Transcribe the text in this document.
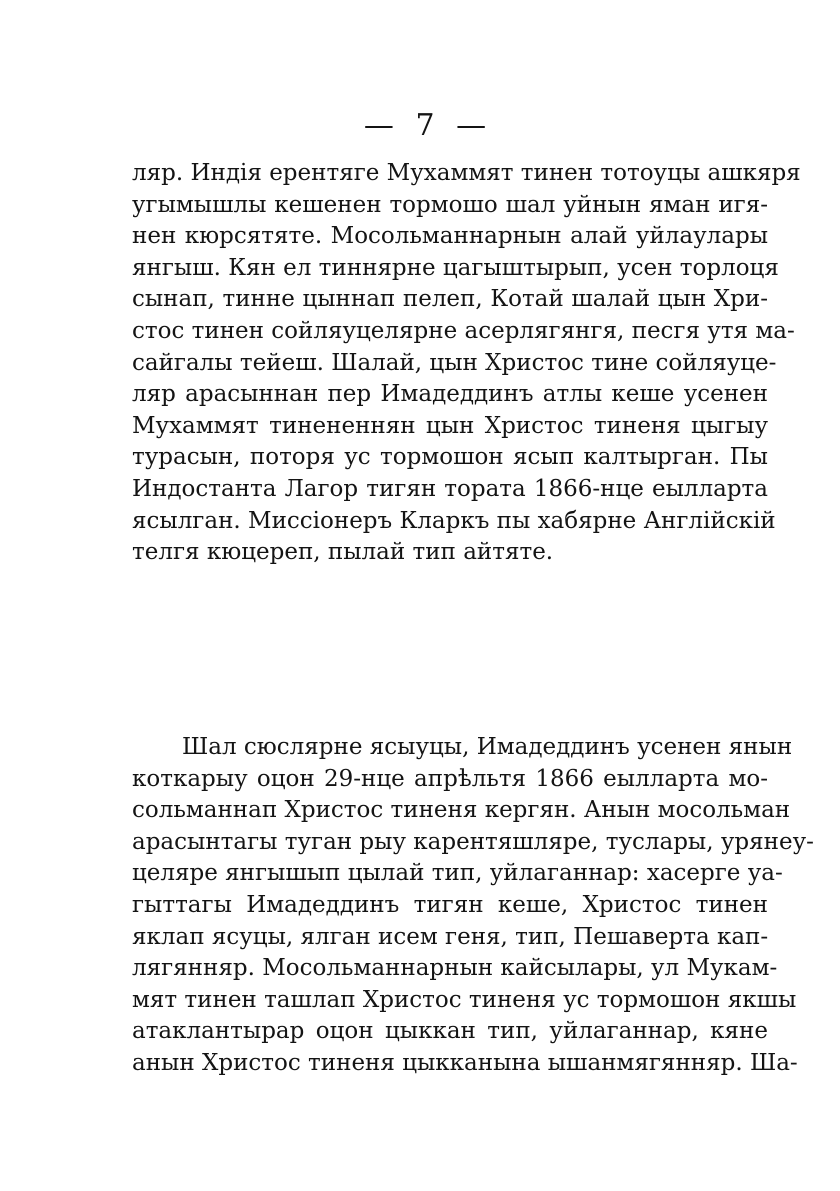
— 7 —
ляр. Индія ерентяге Мухаммят тинен тотоуцы ашкяря
угымышлы кешенен тормошо шал уйнын яман игя-
нен кюрсятяте. Мосольманнарнын алай уйлаулары
янгыш. Кян ел тиннярне цагыштырып, усен торлоця
сынап, тинне цыннап пелеп, Котай шалай цын Хри-
стос тинен сойляуцелярне асерлягянгя, песгя утя ма-
сайгалы тейеш. Шалай, цын Христос тине сойляуце-
ляр арасыннан пер Имадеддинъ атлы кеше усенен
Мухаммят тинененнян цын Христос тиненя цыгыу
турасын, поторя ус тормошон ясып калтырган. Пы
Индостанта Лагор тигян тората 1866-нце еылларта
ясылган. Миссіонеръ Кларкъ пы хабярне Англійскій
телгя кюцереп, пылай тип айтяте.
Шал сюслярне ясыуцы, Имадеддинъ усенен янын
коткарыу оцон 29-нце апрѣльтя 1866 еылларта мо-
сольманнап Христос тиненя кергян. Анын мосольман
арасынтагы туган рыу карентяшляре, туслары, урянеу-
целяре янгышып цылай тип, уйлаганнар: хасерге уа-
гыттагы Имадеддинъ тигян кеше, Христос тинен
яклап ясуцы, ялган исем геня, тип, Пешаверта кап-
лягянняр. Мосольманнарнын кайсылары, ул Мукам-
мят тинен ташлап Христос тиненя ус тормошон якшы
атаклантырар оцон цыккан тип, уйлаганнар, кяне
анын Христос тиненя цыкканына ышанмягянняр. Ша-
